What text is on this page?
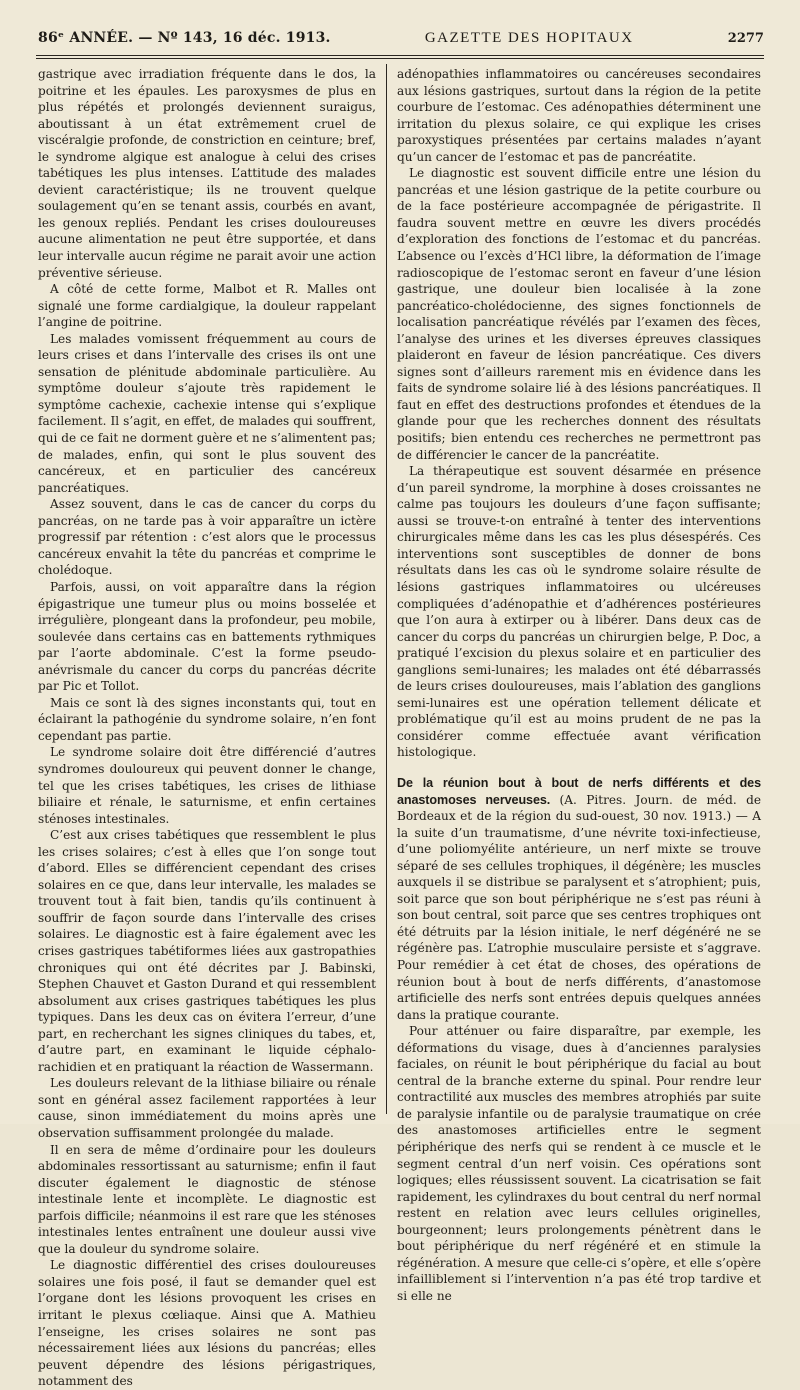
86ᵉ ANNÉE. — Nº 143, 16 déc. 1913.	GAZETTE DES HOPITAUX	2277

gastrique avec irradiation fréquente dans le dos, la poitrine et les épaules. Les paroxysmes de plus en plus répétés et prolongés deviennent suraigus, aboutissant à un état extrêmement cruel de viscéralgie profonde, de constriction en ceinture; bref, le syndrome algique est analogue à celui des crises tabétiques les plus intenses. L’attitude des malades devient caractéristique; ils ne trouvent quelque soulagement qu’en se tenant assis, courbés en avant, les genoux repliés. Pendant les crises douloureuses aucune alimentation ne peut être supportée, et dans leur intervalle aucun régime ne parait avoir une action préventive sérieuse.

A côté de cette forme, Malbot et R. Malles ont signalé une forme cardialgique, la douleur rappelant l’angine de poitrine.

Les malades vomissent fréquemment au cours de leurs crises et dans l’intervalle des crises ils ont une sensation de plénitude abdominale particulière. Au symptôme douleur s’ajoute très rapidement le symptôme cachexie, cachexie intense qui s’explique facilement. Il s’agit, en effet, de malades qui souffrent, qui de ce fait ne dorment guère et ne s’alimentent pas; de malades, enfin, qui sont le plus souvent des cancéreux, et en particulier des cancéreux pancréatiques.

Assez souvent, dans le cas de cancer du corps du pancréas, on ne tarde pas à voir apparaître un ictère progressif par rétention : c’est alors que le processus cancéreux envahit la tête du pancréas et comprime le cholédoque.

Parfois, aussi, on voit apparaître dans la région épigastrique une tumeur plus ou moins bosselée et irrégulière, plongeant dans la profondeur, peu mobile, soulevée dans certains cas en battements rythmiques par l’aorte abdominale. C’est la forme pseudo-anévrismale du cancer du corps du pancréas décrite par Pic et Tollot.

Mais ce sont là des signes inconstants qui, tout en éclairant la pathogénie du syndrome solaire, n’en font cependant pas partie.

Le syndrome solaire doit être différencié d’autres syndromes douloureux qui peuvent donner le change, tel que les crises tabétiques, les crises de lithiase biliaire et rénale, le saturnisme, et enfin certaines sténoses intestinales.

C’est aux crises tabétiques que ressemblent le plus les crises solaires; c’est à elles que l’on songe tout d’abord. Elles se différencient cependant des crises solaires en ce que, dans leur intervalle, les malades se trouvent tout à fait bien, tandis qu’ils continuent à souffrir de façon sourde dans l’intervalle des crises solaires. Le diagnostic est à faire également avec les crises gastriques tabétiformes liées aux gastropathies chroniques qui ont été décrites par J. Babinski, Stephen Chauvet et Gaston Durand et qui ressemblent absolument aux crises gastriques tabétiques les plus typiques. Dans les deux cas on évitera l’erreur, d’une part, en recherchant les signes cliniques du tabes, et, d’autre part, en examinant le liquide céphalo-rachidien et en pratiquant la réaction de Wassermann.

Les douleurs relevant de la lithiase biliaire ou rénale sont en général assez facilement rapportées à leur cause, sinon immédiatement du moins après une observation suffisamment prolongée du malade.

Il en sera de même d’ordinaire pour les douleurs abdominales ressortissant au saturnisme; enfin il faut discuter également le diagnostic de sténose intestinale lente et incomplète. Le diagnostic est parfois difficile; néanmoins il est rare que les sténoses intestinales lentes entraînent une douleur aussi vive que la douleur du syndrome solaire.

Le diagnostic différentiel des crises douloureuses solaires une fois posé, il faut se demander quel est l’organe dont les lésions provoquent les crises en irritant le plexus cœliaque. Ainsi que A. Mathieu l’enseigne, les crises solaires ne sont pas nécessairement liées aux lésions du pancréas; elles peuvent dépendre des lésions périgastriques, notamment des

adénopathies inflammatoires ou cancéreuses secondaires aux lésions gastriques, surtout dans la région de la petite courbure de l’estomac. Ces adénopathies déterminent une irritation du plexus solaire, ce qui explique les crises paroxystiques présentées par certains malades n’ayant qu’un cancer de l’estomac et pas de pancréatite.

Le diagnostic est souvent difficile entre une lésion du pancréas et une lésion gastrique de la petite courbure ou de la face postérieure accompagnée de périgastrite. Il faudra souvent mettre en œuvre les divers procédés d’exploration des fonctions de l’estomac et du pancréas. L’absence ou l’excès d’HCl libre, la déformation de l’image radioscopique de l’estomac seront en faveur d’une lésion gastrique, une douleur bien localisée à la zone pancréatico-cholédocienne, des signes fonctionnels de localisation pancréatique révélés par l’examen des fèces, l’analyse des urines et les diverses épreuves classiques plaideront en faveur de lésion pancréatique. Ces divers signes sont d’ailleurs rarement mis en évidence dans les faits de syndrome solaire lié à des lésions pancréatiques. Il faut en effet des destructions profondes et étendues de la glande pour que les recherches donnent des résultats positifs; bien entendu ces recherches ne permettront pas de différencier le cancer de la pancréatite.

La thérapeutique est souvent désarmée en présence d’un pareil syndrome, la morphine à doses croissantes ne calme pas toujours les douleurs d’une façon suffisante; aussi se trouve-t-on entraîné à tenter des interventions chirurgicales même dans les cas les plus désespérés. Ces interventions sont susceptibles de donner de bons résultats dans les cas où le syndrome solaire résulte de lésions gastriques inflammatoires ou ulcéreuses compliquées d’adénopathie et d’adhérences postérieures que l’on aura à extirper ou à libérer. Dans deux cas de cancer du corps du pancréas un chirurgien belge, P. Doc, a pratiqué l’excision du plexus solaire et en particulier des ganglions semi-lunaires; les malades ont été débarrassés de leurs crises douloureuses, mais l’ablation des ganglions semi-lunaires est une opération tellement délicate et problématique qu’il est au moins prudent de ne pas la considérer comme effectuée avant vérification histologique.

De la réunion bout à bout de nerfs différents et des anastomoses nerveuses. (A. Pitres. Journ. de méd. de Bordeaux et de la région du sud-ouest, 30 nov. 1913.) — A la suite d’un traumatisme, d’une névrite toxi-infectieuse, d’une poliomyélite antérieure, un nerf mixte se trouve séparé de ses cellules trophiques, il dégénère; les muscles auxquels il se distribue se paralysent et s’atrophient; puis, soit parce que son bout périphérique ne s’est pas réuni à son bout central, soit parce que ses centres trophiques ont été détruits par la lésion initiale, le nerf dégénéré ne se régénère pas. L’atrophie musculaire persiste et s’aggrave. Pour remédier à cet état de choses, des opérations de réunion bout à bout de nerfs différents, d’anastomose artificielle des nerfs sont entrées depuis quelques années dans la pratique courante.

Pour atténuer ou faire disparaître, par exemple, les déformations du visage, dues à d’anciennes paralysies faciales, on réunit le bout périphérique du facial au bout central de la branche externe du spinal. Pour rendre leur contractilité aux muscles des membres atrophiés par suite de paralysie infantile ou de paralysie traumatique on crée des anastomoses artificielles entre le segment périphérique des nerfs qui se rendent à ce muscle et le segment central d’un nerf voisin. Ces opérations sont logiques; elles réussissent souvent. La cicatrisation se fait rapidement, les cylindraxes du bout central du nerf normal restent en relation avec leurs cellules originelles, bourgeonnent; leurs prolongements pénètrent dans le bout périphérique du nerf régénéré et en stimule la régénération. A mesure que celle-ci s’opère, et elle s’opère infailliblement si l’intervention n’a pas été trop tardive et si elle ne
